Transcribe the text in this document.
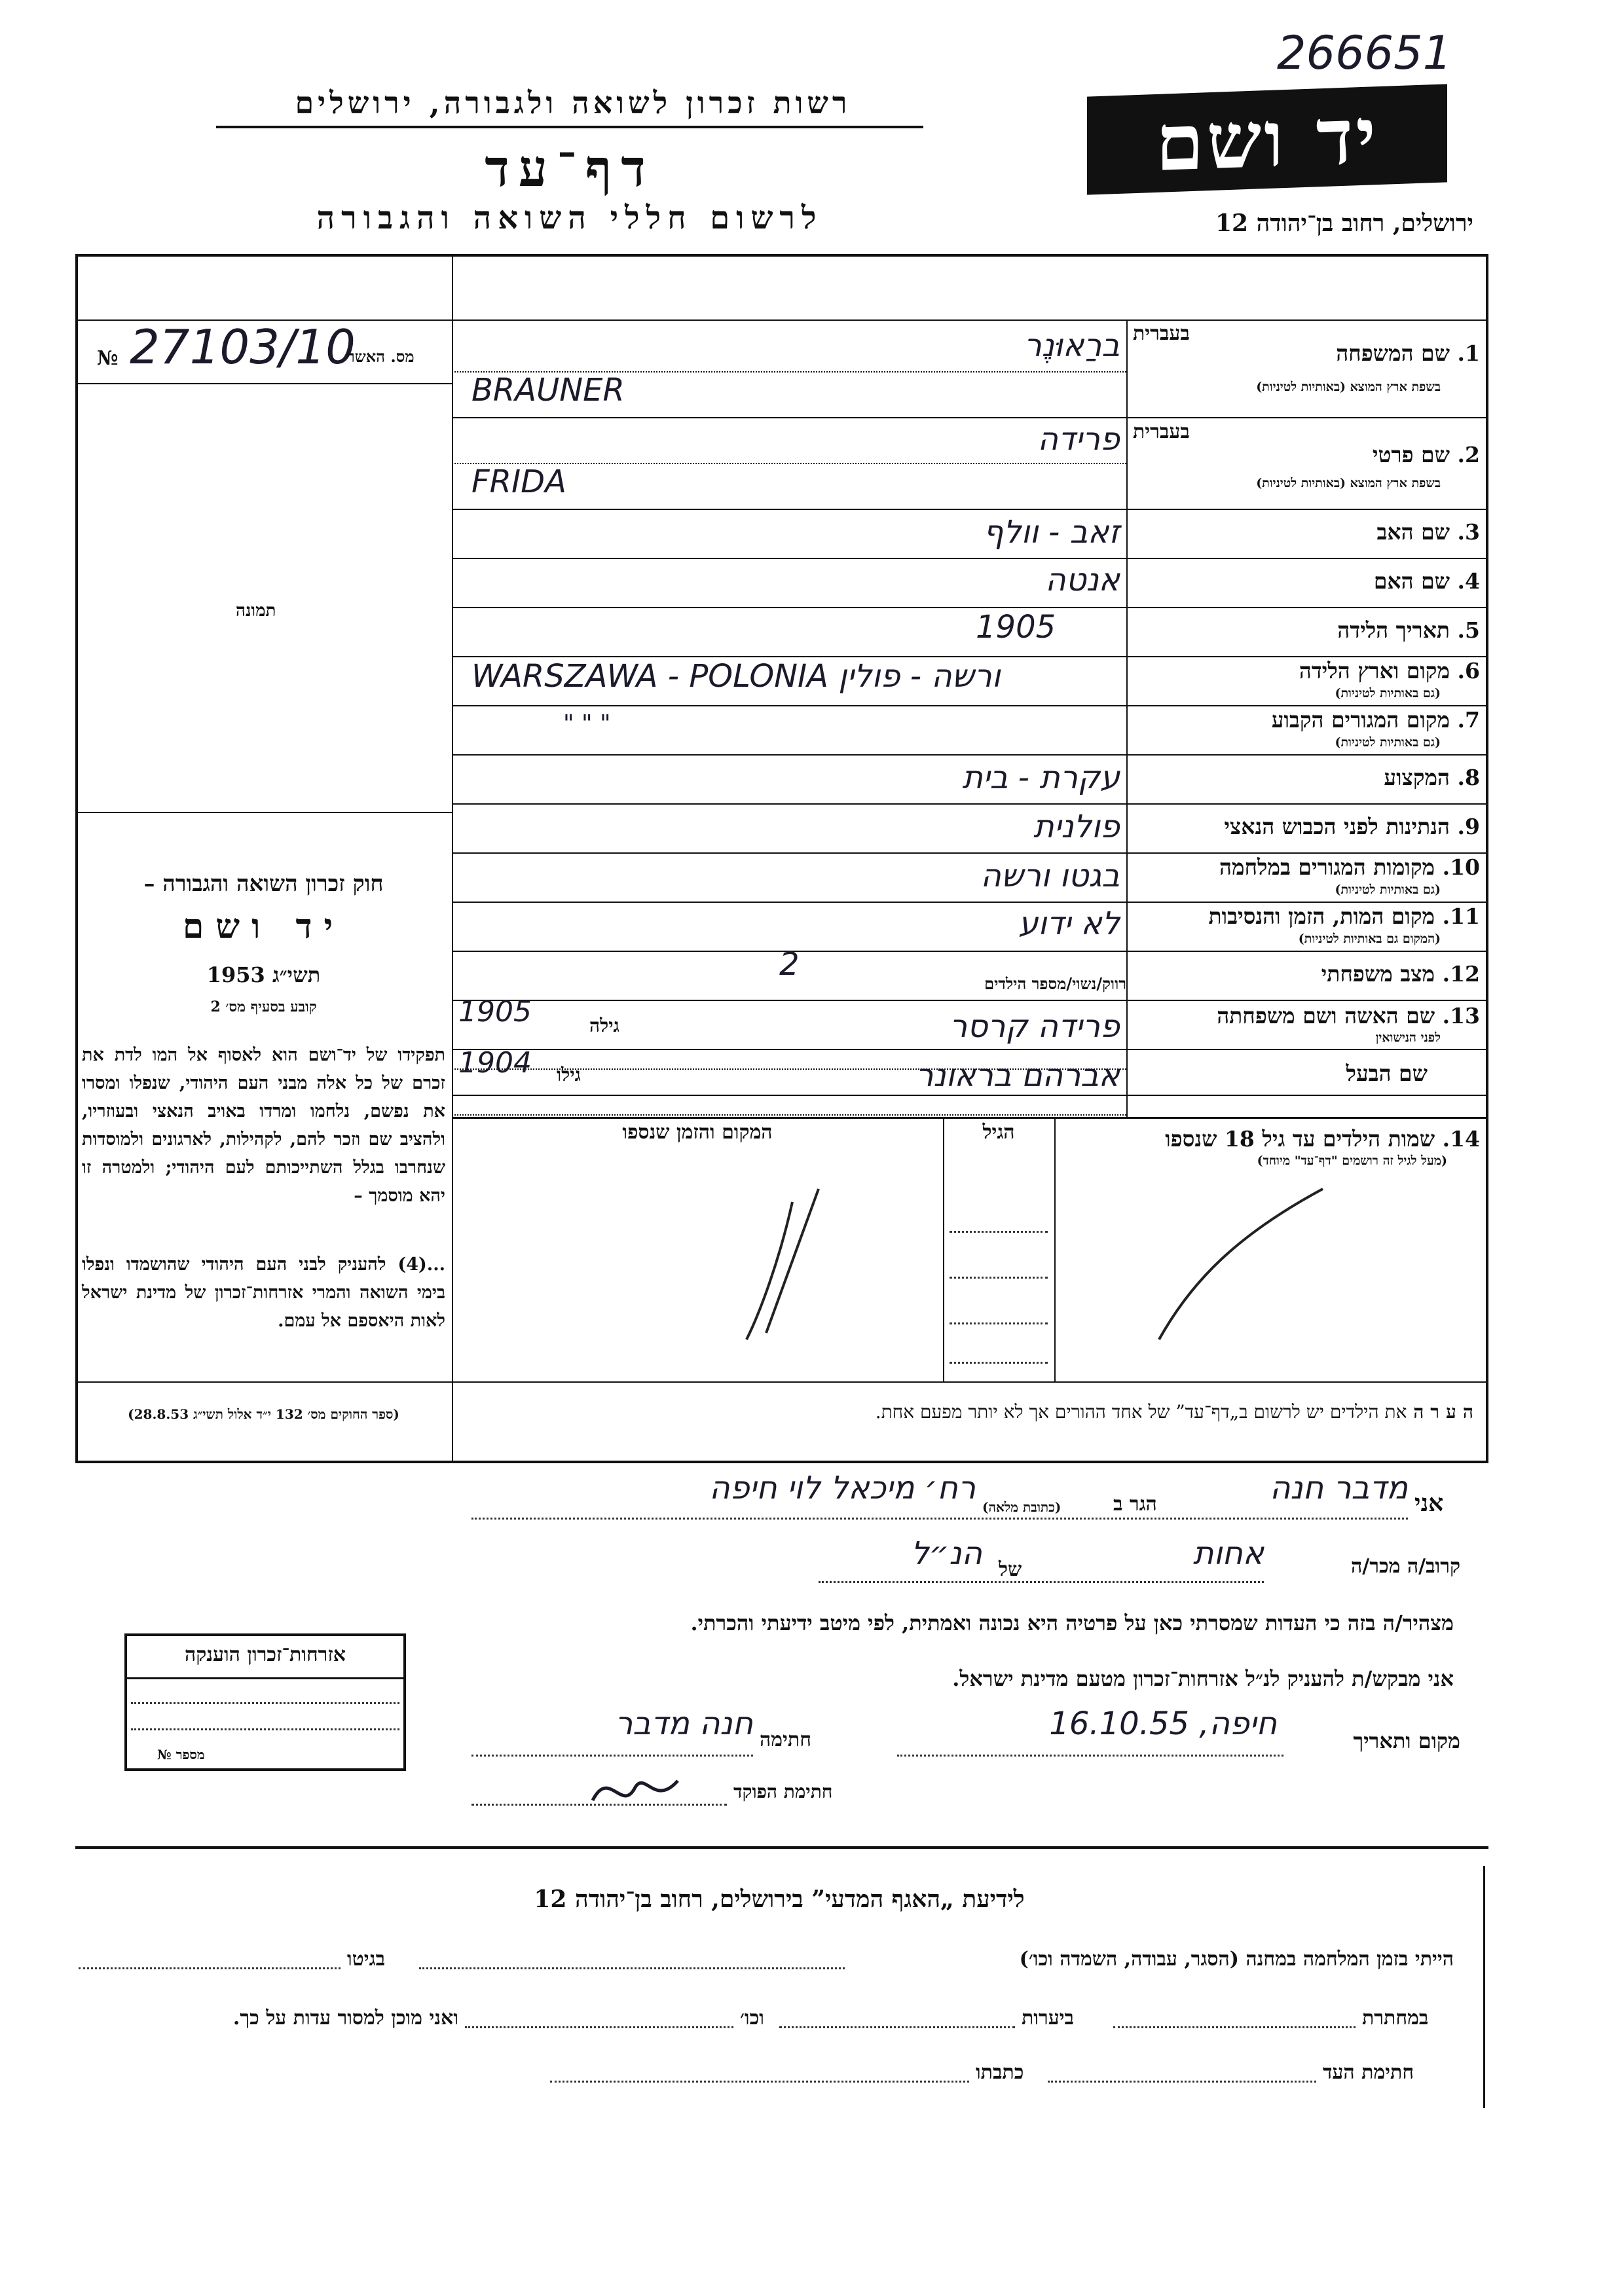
266651
רשות זכרון לשואה ולגבורה, ירושלים
דף־עד
לרשום חללי השואה והגבורה
יד ושם
ירושלים, רחוב בן־יהודה 12
№ 27103/10
מס. האשר
תמונה
חוק זכרון השואה והגבורה –
יד ושם
תשי״ג 1953
קובע בסעיף מס׳ 2
תפקידו של יד־ושם הוא לאסוף אל המו לדת את זכרם של כל אלה מבני העם היהודי, שנפלו ומסרו את נפשם, נלחמו ומרדו באויב הנאצי ובעוזריו, ולהציב שם וזכר להם, לקהילות, לארגונים ולמוסדות שנחרבו בגלל השתייכותם לעם היהודי; ולמטרה זו יהא מוסמך –
...(4) להעניק לבני העם היהודי שהושמדו ונפלו בימי השואה והמרי אזרחות־זכרון של מדינת ישראל לאות היאספם אל עמם.
(ספר החוקים מס׳ 132 י״ד אלול תשי״ג 28.8.53)
1. שם המשפחה
בשפת ארץ המוצא (באותיות לטיניות)
בעברית
2. שם פרטי
בשפת ארץ המוצא (באותיות לטיניות)
בעברית
3. שם האב
4. שם האם
5. תאריך הלידה
6. מקום וארץ הלידה
(גם באותיות לטיניות)
7. מקום המגורים הקבוע
(גם באותיות לטיניות)
8. המקצוע
9. הנתינות לפני הכבוש הנאצי
10. מקומות המגורים במלחמה
(גם באותיות לטיניות)
11. מקום המות, הזמן והנסיבות
(המקום גם באותיות לטיניות)
12. מצב משפחתי
13. שם האשה ושם משפחתה
לפני הנישואין
שם הבעל
ברַאוּנֶר
BRAUNER
פרידה
FRIDA
זאב - וולף
אנטה
1905
WARSZAWA - POLONIA ורשה - פולין
" " "
עקרת - בית
פולנית
בגטו ורשה
לא ידוע
רווק/נשוי/מספר הילדים
2
פרידה קרסר
גילה
1905
אברהם בראונר
גילו
1904
14. שמות הילדים עד גיל 18 שנספו
(מעל לגיל זה רושמים "דף־עד" מיוחד)
הגיל
המקום והזמן שנספו
הערה את הילדים יש לרשום ב„דף־עד” של אחד ההורים אך לא יותר מפעם אחת.
אני
מדבר חנה
הגר ב
(כתובת מלאה)
רח׳ מיכאל לוי חיפה
קרוב/ה מכר/ה
אחות
של
הנ״ל
מצהיר/ה בזה כי העדות שמסרתי כאן על פרטיה היא נכונה ואמתית, לפי מיטב ידיעתי והכרתי.
אני מבקש/ת להעניק לנ״ל אזרחות־זכרון מטעם מדינת ישראל.
מקום ותאריך
חיפה, 16.10.55
חתימה
חנה מדבר
חתימת הפוקד
אזרחות־זכרון הוענקה
מספר №
לידיעת „האגף המדעי” בירושלים, רחוב בן־יהודה 12
הייתי בזמן המלחמה במחנה (הסגר, עבודה, השמדה וכו׳)
בגיטו
במחתרת
ביערות
וכו׳
ואני מוכן למסור עדות על כך.
חתימת העד
כתבתו
